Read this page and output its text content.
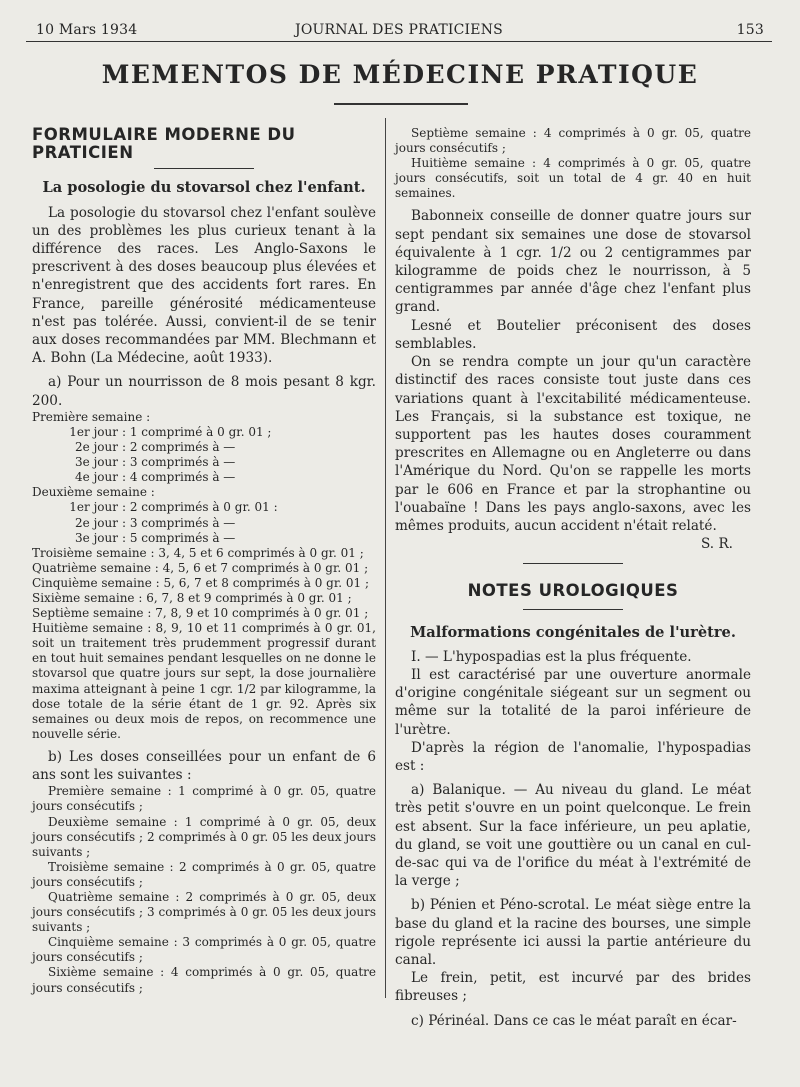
10 Mars 1934	JOURNAL DES PRATICIENS	153
MEMENTOS DE MÉDECINE PRATIQUE

FORMULAIRE MODERNE DU PRATICIEN

La posologie du stovarsol chez l'enfant.

La posologie du stovarsol chez l'enfant soulève un des problèmes les plus curieux tenant à la différence des races. Les Anglo-Saxons le prescrivent à des doses beaucoup plus élevées et n'enregistrent que des accidents fort rares. En France, pareille générosité médicamenteuse n'est pas tolérée. Aussi, convient-il de se tenir aux doses recommandées par MM. Blechmann et A. Bohn (La Médecine, août 1933).

a) Pour un nourrisson de 8 mois pesant 8 kgr. 200.

Première semaine :
1er jour : 1 comprimé à 0 gr. 01 ;
2e jour : 2 comprimés à —
3e jour : 3 comprimés à —
4e jour : 4 comprimés à —
Deuxième semaine :
1er jour : 2 comprimés à 0 gr. 01 :
2e jour : 3 comprimés à —
3e jour : 5 comprimés à —

Troisième semaine : 3, 4, 5 et 6 comprimés à 0 gr. 01 ;

Quatrième semaine : 4, 5, 6 et 7 comprimés à 0 gr. 01 ;

Cinquième semaine : 5, 6, 7 et 8 comprimés à 0 gr. 01 ;

Sixième semaine : 6, 7, 8 et 9 comprimés à 0 gr. 01 ;

Septième semaine : 7, 8, 9 et 10 comprimés à 0 gr. 01 ;

Huitième semaine : 8, 9, 10 et 11 comprimés à 0 gr. 01, soit un traitement très prudemment progressif durant en tout huit semaines pendant lesquelles on ne donne le stovarsol que quatre jours sur sept, la dose journalière maxima atteignant à peine 1 cgr. 1/2 par kilogramme, la dose totale de la série étant de 1 gr. 92. Après six semaines ou deux mois de repos, on recommence une nouvelle série.

b) Les doses conseillées pour un enfant de 6 ans sont les suivantes :

Première semaine : 1 comprimé à 0 gr. 05, quatre jours consécutifs ;

Deuxième semaine : 1 comprimé à 0 gr. 05, deux jours consécutifs ; 2 comprimés à 0 gr. 05 les deux jours suivants ;

Troisième semaine : 2 comprimés à 0 gr. 05, quatre jours consécutifs ;

Quatrième semaine : 2 comprimés à 0 gr. 05, deux jours consécutifs ; 3 comprimés à 0 gr. 05 les deux jours suivants ;

Cinquième semaine : 3 comprimés à 0 gr. 05, quatre jours consécutifs ;

Sixième semaine : 4 comprimés à 0 gr. 05, quatre jours consécutifs ;

Septième semaine : 4 comprimés à 0 gr. 05, quatre jours consécutifs ;

Huitième semaine : 4 comprimés à 0 gr. 05, quatre jours consécutifs, soit un total de 4 gr. 40 en huit semaines.

Babonneix conseille de donner quatre jours sur sept pendant six semaines une dose de stovarsol équivalente à 1 cgr. 1/2 ou 2 centigrammes par kilogramme de poids chez le nourrisson, à 5 centigrammes par année d'âge chez l'enfant plus grand.

Lesné et Boutelier préconisent des doses semblables.

On se rendra compte un jour qu'un caractère distinctif des races consiste tout juste dans ces variations quant à l'excitabilité médicamenteuse. Les Français, si la substance est toxique, ne supportent pas les hautes doses couramment prescrites en Allemagne ou en Angleterre ou dans l'Amérique du Nord. Qu'on se rappelle les morts par le 606 en France et par la strophantine ou l'ouabaïne ! Dans les pays anglo-saxons, avec les mêmes produits, aucun accident n'était relaté.

S. R.

NOTES UROLOGIQUES

Malformations congénitales de l'urètre.

I. — L'hypospadias est la plus fréquente.

Il est caractérisé par une ouverture anormale d'origine congénitale siégeant sur un segment ou même sur la totalité de la paroi inférieure de l'urètre.

D'après la région de l'anomalie, l'hypospadias est :

a) Balanique. — Au niveau du gland. Le méat très petit s'ouvre en un point quelconque. Le frein est absent. Sur la face inférieure, un peu aplatie, du gland, se voit une gouttière ou un canal en cul-de-sac qui va de l'orifice du méat à l'extrémité de la verge ;

b) Pénien et Péno-scrotal. Le méat siège entre la base du gland et la racine des bourses, une simple rigole représente ici aussi la partie antérieure du canal.

Le frein, petit, est incurvé par des brides fibreuses ;

c) Périnéal. Dans ce cas le méat paraît en écar-
